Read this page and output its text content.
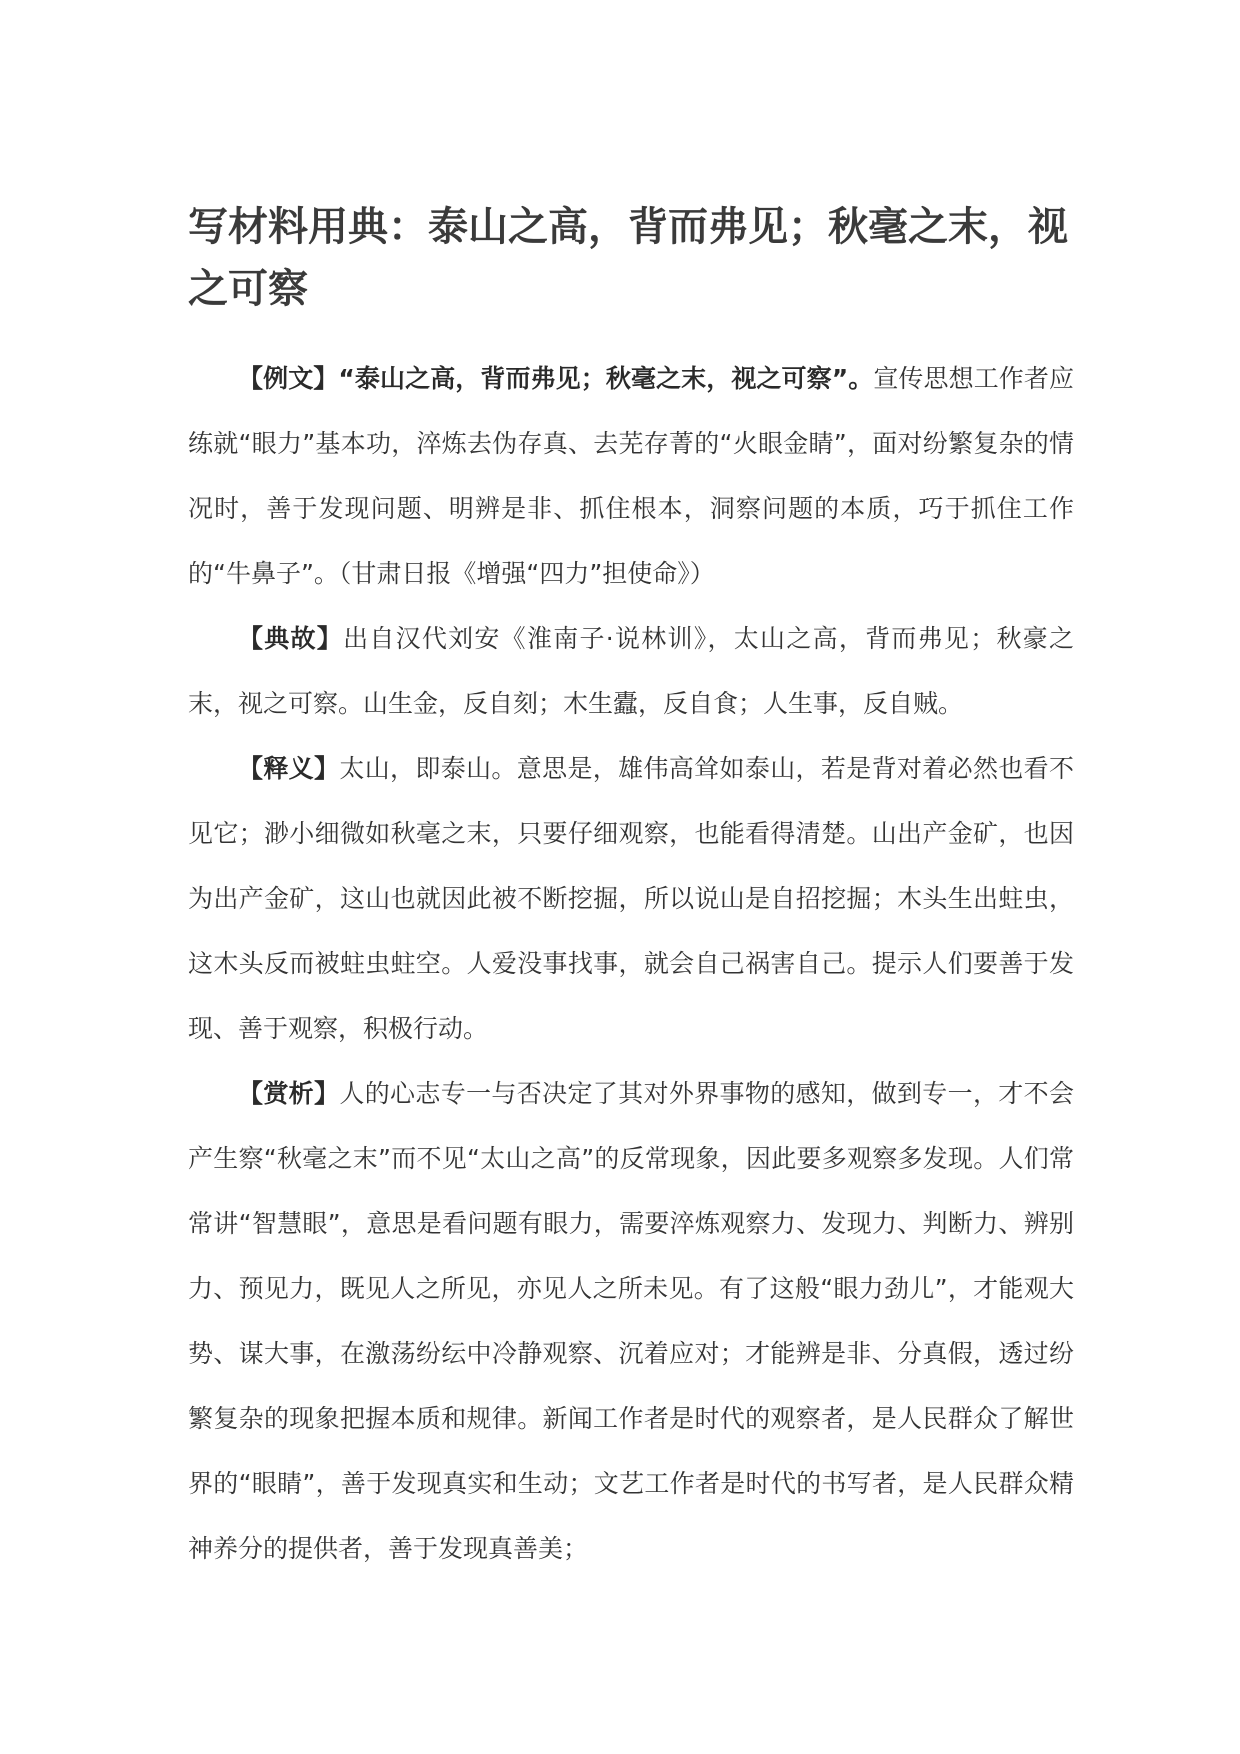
写材料用典：泰山之高，背而弗见；秋毫之末，视之可察

【例文】“泰山之高，背而弗见；秋毫之末，视之可察”。宣传思想工作者应练就“眼力”基本功，淬炼去伪存真、去芜存菁的“火眼金睛”，面对纷繁复杂的情况时，善于发现问题、明辨是非、抓住根本，洞察问题的本质，巧于抓住工作的“牛鼻子”。（甘肃日报《增强“四力”担使命》）

【典故】出自汉代刘安《淮南子·说林训》，太山之高，背而弗见；秋豪之末，视之可察。山生金，反自刻；木生蠹，反自食；人生事，反自贼。

【释义】太山，即泰山。意思是，雄伟高耸如泰山，若是背对着必然也看不见它；渺小细微如秋毫之末，只要仔细观察，也能看得清楚。山出产金矿，也因为出产金矿，这山也就因此被不断挖掘，所以说山是自招挖掘；木头生出蛀虫，这木头反而被蛀虫蛀空。人爱没事找事，就会自己祸害自己。提示人们要善于发现、善于观察，积极行动。

【赏析】人的心志专一与否决定了其对外界事物的感知，做到专一，才不会产生察“秋毫之末”而不见“太山之高”的反常现象，因此要多观察多发现。人们常常讲“智慧眼”，意思是看问题有眼力，需要淬炼观察力、发现力、判断力、辨别力、预见力，既见人之所见，亦见人之所未见。有了这般“眼力劲儿”，才能观大势、谋大事，在激荡纷纭中冷静观察、沉着应对；才能辨是非、分真假，透过纷繁复杂的现象把握本质和规律。新闻工作者是时代的观察者，是人民群众了解世界的“眼睛”，善于发现真实和生动；文艺工作者是时代的书写者，是人民群众精神养分的提供者，善于发现真善美；
